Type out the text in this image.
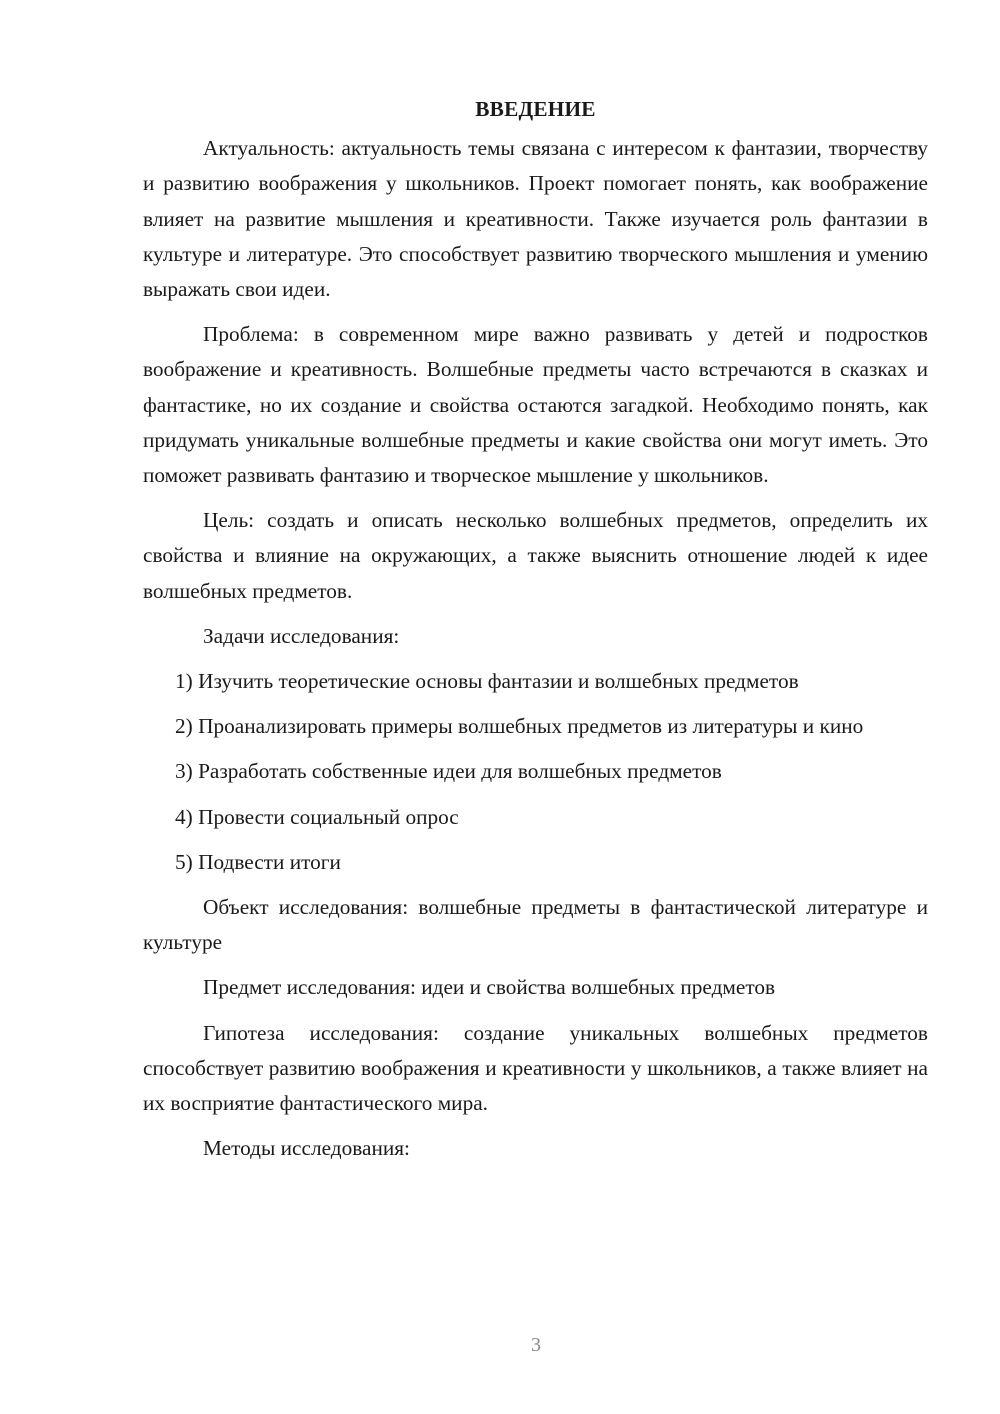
ВВЕДЕНИЕ

Актуальность: актуальность темы связана с интересом к фантазии, творчеству и развитию воображения у школьников. Проект помогает понять, как воображение влияет на развитие мышления и креативности. Также изучается роль фантазии в культуре и литературе. Это способствует развитию творческого мышления и умению выражать свои идеи.

Проблема: в современном мире важно развивать у детей и подростков воображение и креативность. Волшебные предметы часто встречаются в сказках и фантастике, но их создание и свойства остаются загадкой. Необходимо понять, как придумать уникальные волшебные предметы и какие свойства они могут иметь. Это поможет развивать фантазию и творческое мышление у школьников.

Цель: создать и описать несколько волшебных предметов, определить их свойства и влияние на окружающих, а также выяснить отношение людей к идее волшебных предметов.

Задачи исследования:

1) Изучить теоретические основы фантазии и волшебных предметов

2) Проанализировать примеры волшебных предметов из литературы и кино

3) Разработать собственные идеи для волшебных предметов

4) Провести социальный опрос

5) Подвести итоги

Объект исследования: волшебные предметы в фантастической литературе и культуре

Предмет исследования: идеи и свойства волшебных предметов

Гипотеза исследования: создание уникальных волшебных предметов способствует развитию воображения и креативности у школьников, а также влияет на их восприятие фантастического мира.

Методы исследования:

3
